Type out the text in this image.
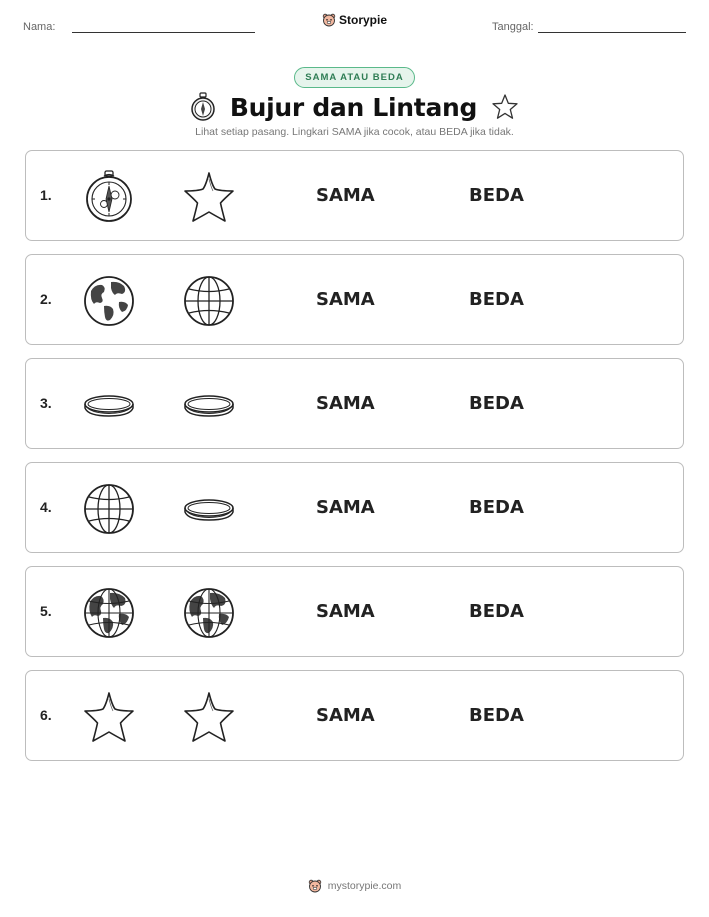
Nama:	Storypie	Tanggal:
SAMA ATAU BEDA
Bujur dan Lintang
Lihat setiap pasang. Lingkari SAMA jika cocok, atau BEDA jika tidak.
1.	SAMA	BEDA
2.	SAMA	BEDA
3.	SAMA	BEDA
4.	SAMA	BEDA
5.	SAMA	BEDA
6.	SAMA	BEDA
mystorypie.com
